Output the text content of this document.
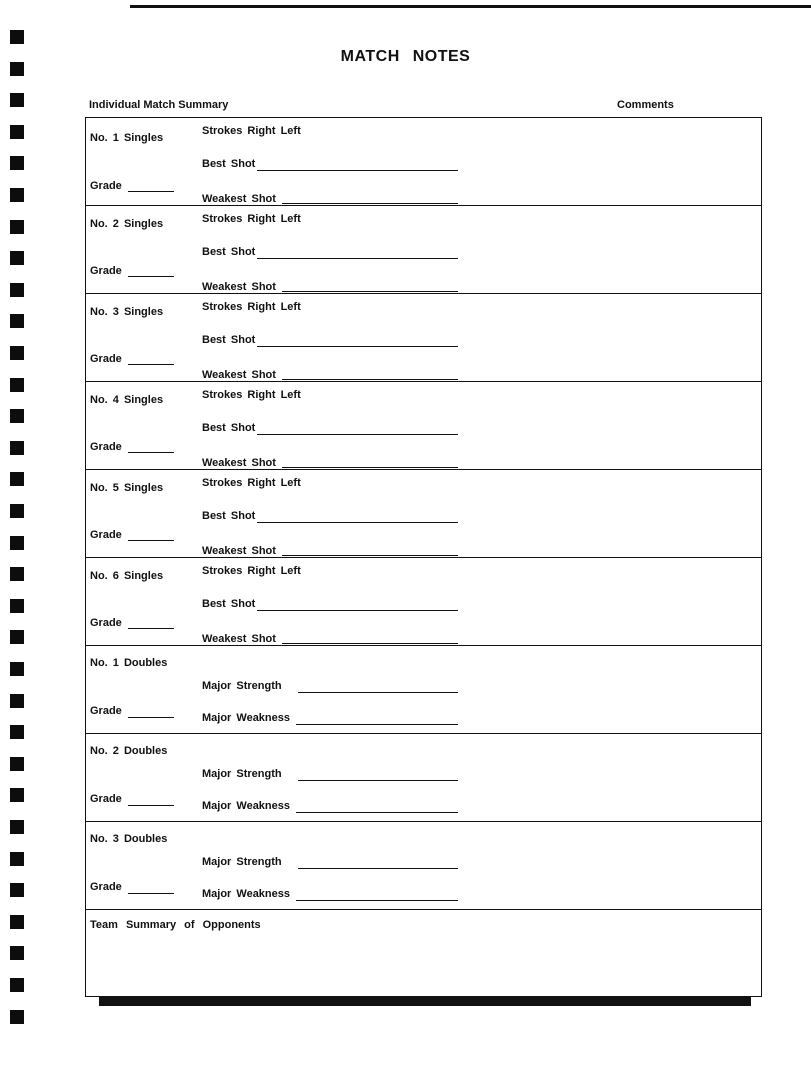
MATCH NOTES
Individual Match Summary	Comments
No. 1 Singles
Strokes Right Left
Best Shot
Grade
Weakest Shot
No. 2 Singles	Strokes Right Left
Best Shot
Grade
Weakest Shot
No. 3 Singles	Strokes Right Left
Best Shot
Grade
Weakest Shot
No. 4 Singles	Strokes Right Left
Best Shot
Grade
Weakest Shot
No. 5 Singles	Strokes Right Left
Best Shot
Grade
Weakest Shot
No. 6 Singles	Strokes Right Left
Best Shot
Grade
Weakest Shot
No. 1 Doubles
Major Strength
Grade
Major Weakness
No. 2 Doubles
Major Strength
Grade
Major Weakness
No. 3 Doubles
Major Strength
Grade
Major Weakness
Team Summary of Opponents
